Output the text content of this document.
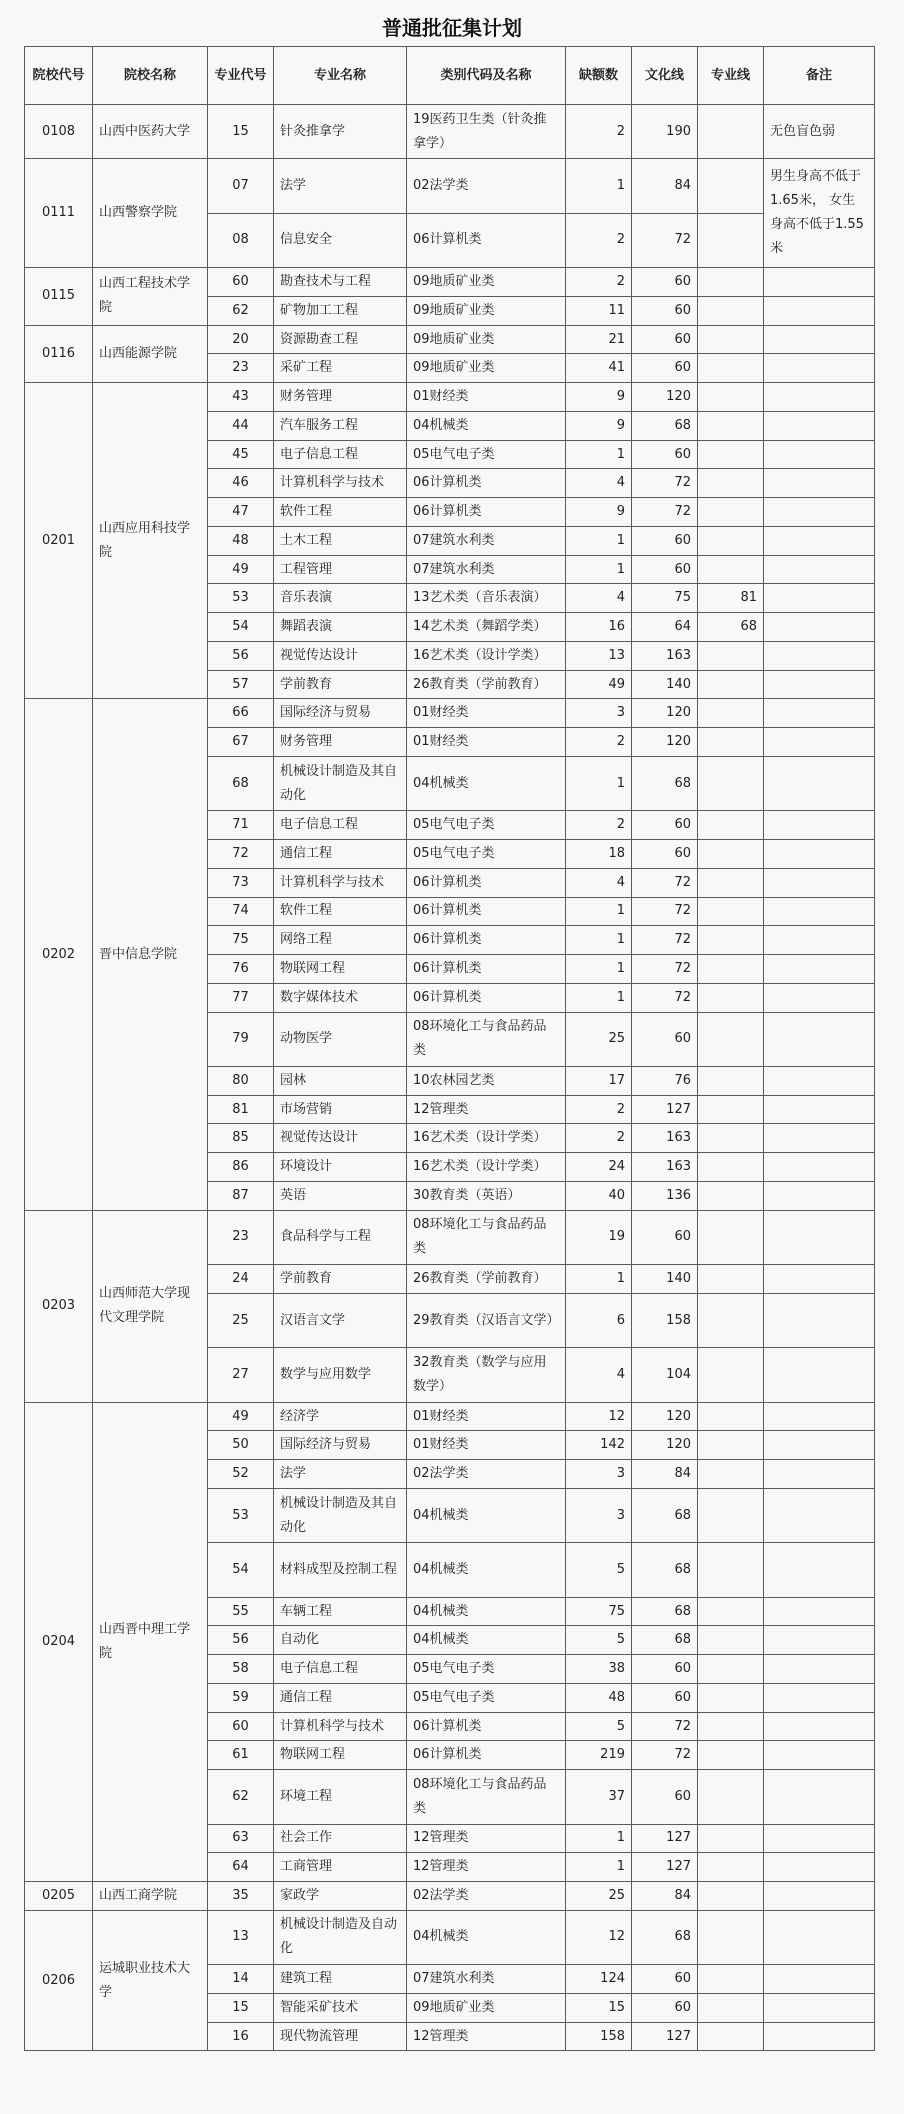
普通批征集计划
院校代号	院校名称	专业代号	专业名称	类别代码及名称	缺额数	文化线	专业线	备注
0108	山西中医药大学	15	针灸推拿学	19医药卫生类（针灸推拿学）	2	190		无色盲色弱
0111	山西警察学院	07	法学	02法学类	1	84		男生身高不低于1.65米， 女生身高不低于1.55米
		08	信息安全	06计算机类	2	72		
0115	山西工程技术学院	60	勘查技术与工程	09地质矿业类	2	60		
		62	矿物加工工程	09地质矿业类	11	60		
0116	山西能源学院	20	资源勘查工程	09地质矿业类	21	60		
		23	采矿工程	09地质矿业类	41	60		
0201	山西应用科技学院	43	财务管理	01财经类	9	120		
		44	汽车服务工程	04机械类	9	68		
		45	电子信息工程	05电气电子类	1	60		
		46	计算机科学与技术	06计算机类	4	72		
		47	软件工程	06计算机类	9	72		
		48	土木工程	07建筑水利类	1	60		
		49	工程管理	07建筑水利类	1	60		
		53	音乐表演	13艺术类（音乐表演）	4	75	81	
		54	舞蹈表演	14艺术类（舞蹈学类）	16	64	68	
		56	视觉传达设计	16艺术类（设计学类）	13	163		
		57	学前教育	26教育类（学前教育）	49	140		
0202	晋中信息学院	66	国际经济与贸易	01财经类	3	120		
		67	财务管理	01财经类	2	120		
		68	机械设计制造及其自动化	04机械类	1	68		
		71	电子信息工程	05电气电子类	2	60		
		72	通信工程	05电气电子类	18	60		
		73	计算机科学与技术	06计算机类	4	72		
		74	软件工程	06计算机类	1	72		
		75	网络工程	06计算机类	1	72		
		76	物联网工程	06计算机类	1	72		
		77	数字媒体技术	06计算机类	1	72		
		79	动物医学	08环境化工与食品药品类	25	60		
		80	园林	10农林园艺类	17	76		
		81	市场营销	12管理类	2	127		
		85	视觉传达设计	16艺术类（设计学类）	2	163		
		86	环境设计	16艺术类（设计学类）	24	163		
		87	英语	30教育类（英语）	40	136		
0203	山西师范大学现代文理学院	23	食品科学与工程	08环境化工与食品药品类	19	60		
		24	学前教育	26教育类（学前教育）	1	140		
		25	汉语言文学	29教育类（汉语言文学）	6	158		
		27	数学与应用数学	32教育类（数学与应用数学）	4	104		
0204	山西晋中理工学院	49	经济学	01财经类	12	120		
		50	国际经济与贸易	01财经类	142	120		
		52	法学	02法学类	3	84		
		53	机械设计制造及其自动化	04机械类	3	68		
		54	材料成型及控制工程	04机械类	5	68		
		55	车辆工程	04机械类	75	68		
		56	自动化	04机械类	5	68		
		58	电子信息工程	05电气电子类	38	60		
		59	通信工程	05电气电子类	48	60		
		60	计算机科学与技术	06计算机类	5	72		
		61	物联网工程	06计算机类	219	72		
		62	环境工程	08环境化工与食品药品类	37	60		
		63	社会工作	12管理类	1	127		
		64	工商管理	12管理类	1	127		
0205	山西工商学院	35	家政学	02法学类	25	84		
0206	运城职业技术大学	13	机械设计制造及自动化	04机械类	12	68		
		14	建筑工程	07建筑水利类	124	60		
		15	智能采矿技术	09地质矿业类	15	60		
		16	现代物流管理	12管理类	158	127		
